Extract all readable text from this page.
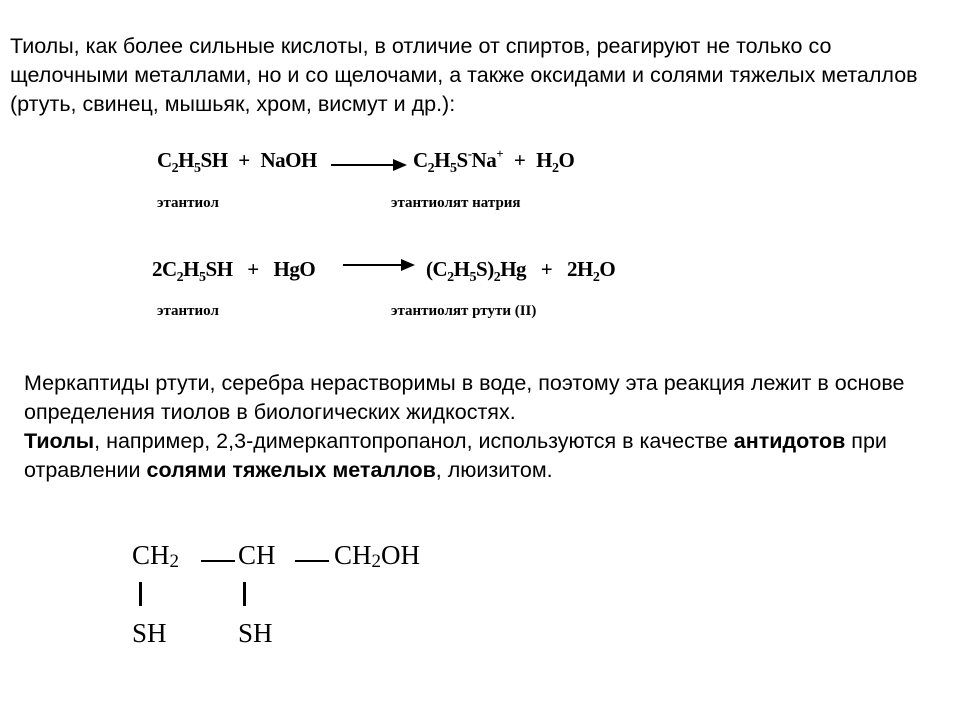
Тиолы, как более сильные кислоты, в отличие от спиртов, реагируют не только со щелочными металлами, но и со щелочами, а также оксидами и солями тяжелых металлов (ртуть, свинец, мышьяк, хром, висмут и др.):
$C_2H_5SH$ + NaOH	$C_2H_5S^-Na^+ + H_2O$
этантиол	этантиолят натрия
$2C_2H_5SH$ + HgO	$(C_2H_5S)_2Hg + 2H_2O$
этантиол	этантиолят ртути (II)
Меркаптиды ртути, серебра нерастворимы в воде, поэтому эта реакция лежит в основе определения тиолов в биологических жидкостях.
Тиолы, например, 2,3-димеркаптопропанол, используются в качестве антидотов при отравлении солями тяжелых металлов, люизитом.
$CH_2$ CH $CH_2OH$
SH	SH
